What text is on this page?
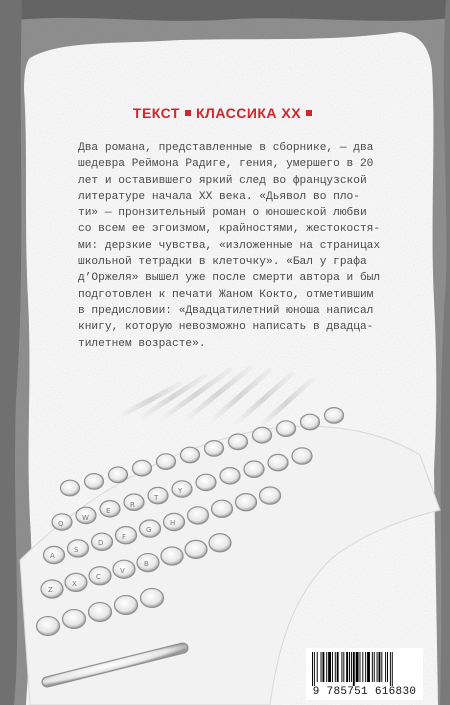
ТЕКСТ КЛАССИКА XX
Два романа, представленные в сборнике, — два
шедевра Реймона Радиге, гения, умершего в 20
лет и оставившего яркий след во французской
литературе начала XX века. «Дьявол во пло-
ти» — пронзительный роман о юношеской любви
со всем ее эгоизмом, крайностями, жестокостя-
ми: дерзкие чувства, «изложенные на страницах
школьной тетрадки в клеточку». «Бал у графа
д’Оржеля» вышел уже после смерти автора и был
подготовлен к печати Жаном Кокто, отметившим
в предисловии: «Двадцатилетний юноша написал
книгу, которую невозможно написать в двадца-
тилетнем возрасте».
Q
W
E
R
T
Y
A
S
D
F
G
H
Z
X
C
V
B
9 785751 616830
